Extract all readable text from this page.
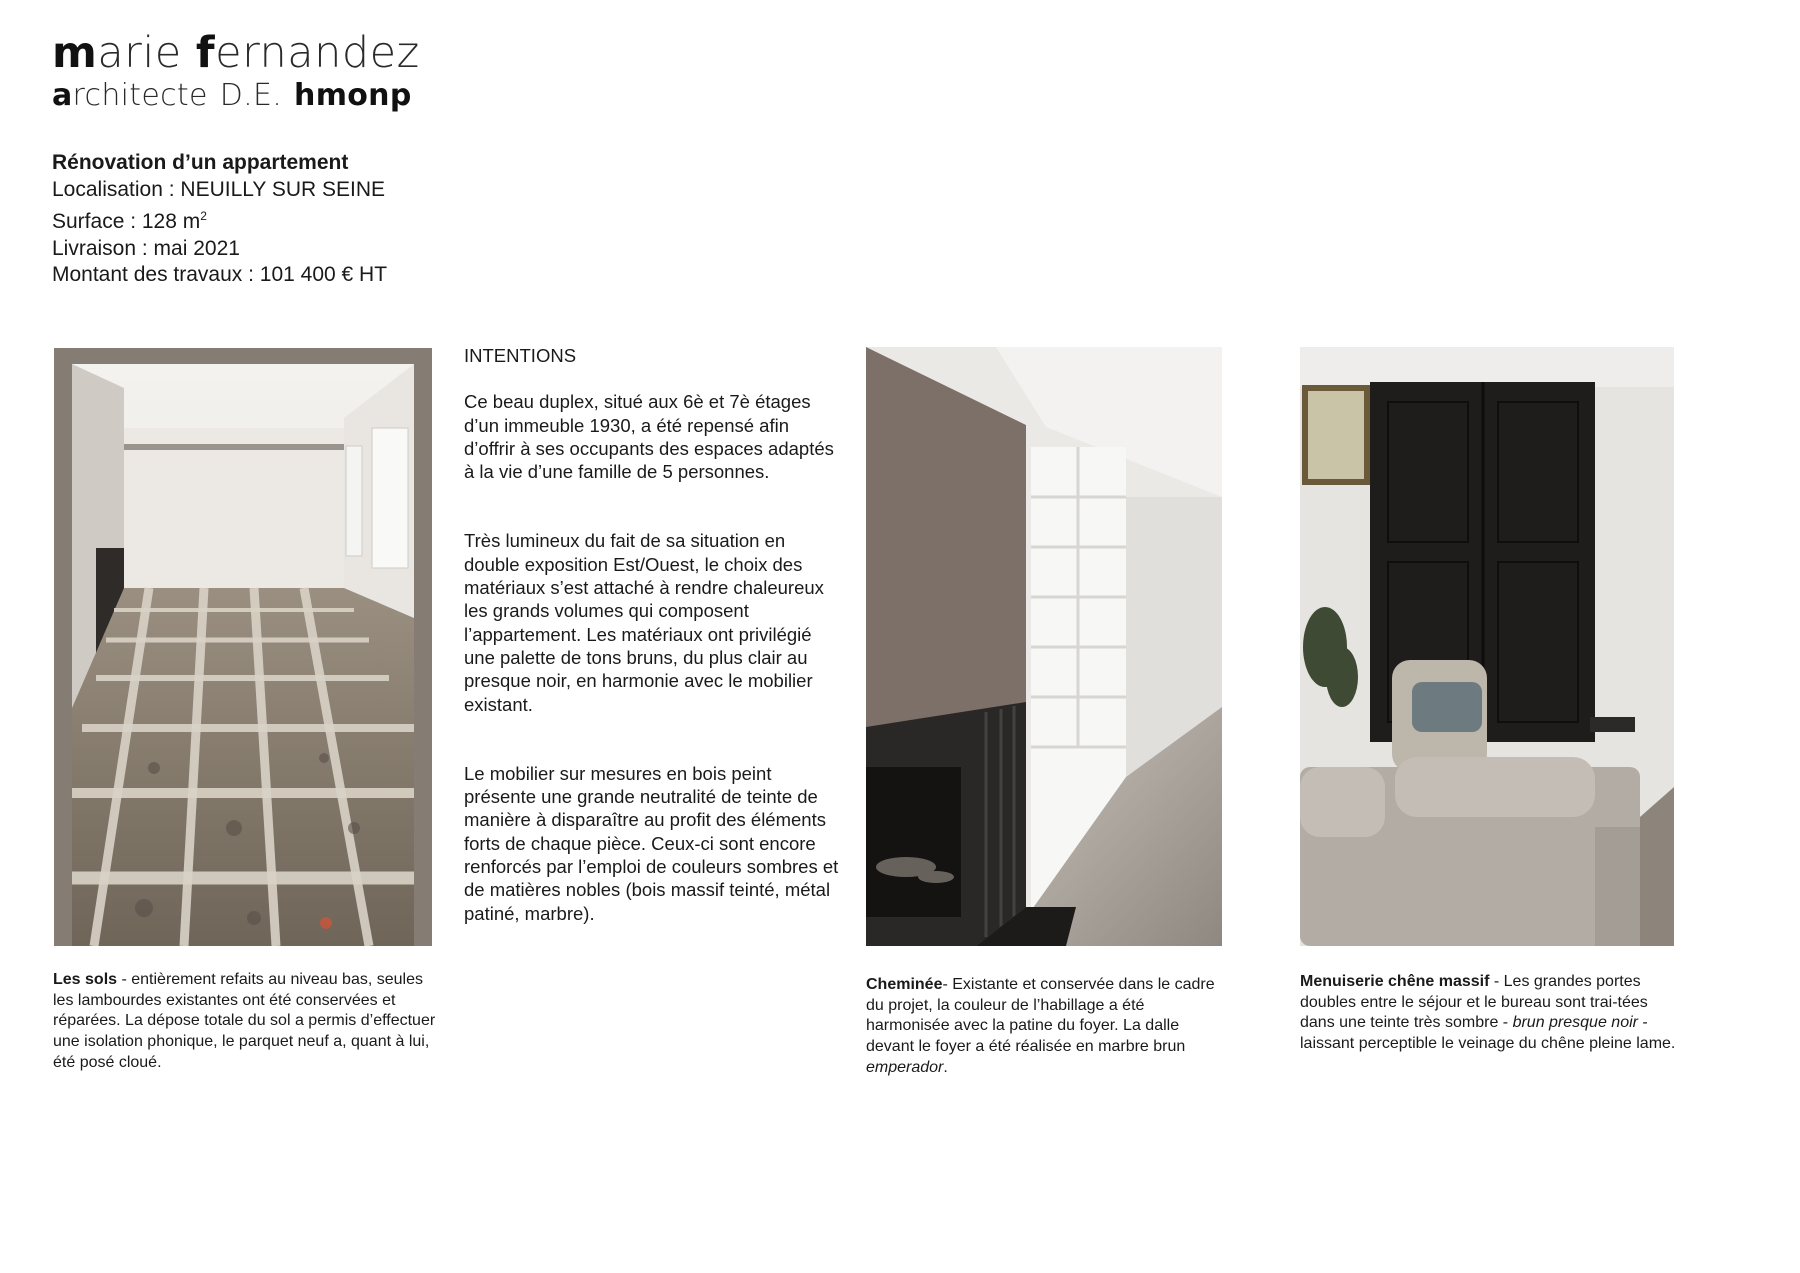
marie fernandez
architecte D.E. hmonp
Rénovation d’un appartement
Localisation : NEUILLY SUR SEINE
Surface : 128 $m^2$
Livraison : mai 2021
Montant des travaux : 101 400 € HT
INTENTIONS

Ce beau duplex, situé aux 6è et 7è étages d’un immeuble 1930, a été repensé afin d’offrir à ses occupants des espaces adaptés à la vie d’une famille de 5 personnes.

Très lumineux du fait de sa situation en double exposition Est/Ouest, le choix des matériaux s’est attaché à rendre chaleureux les grands volumes qui composent l’appartement. Les matériaux ont privilégié une palette de tons bruns, du plus clair au presque noir, en harmonie avec le mobilier existant.

Le mobilier sur mesures en bois peint présente une grande neutralité de teinte de manière à disparaître au profit des éléments forts de chaque pièce. Ceux-ci sont encore renforcés par l’emploi de couleurs sombres et de matières nobles (bois massif teinté, métal patiné, marbre).

Les sols - entièrement refaits au niveau bas, seules les lambourdes existantes ont été conservées et réparées. La dépose totale du sol a permis d’effectuer une isolation phonique, le parquet neuf a, quant à lui, été posé cloué.
Cheminée- Existante et conservée dans le cadre du projet, la couleur de l’habillage a été harmonisée avec la patine du foyer. La dalle devant le foyer a été réalisée en marbre brun emperador.
Menuiserie chêne massif - Les grandes portes doubles entre le séjour et le bureau sont trai-tées dans une teinte très sombre - brun presque noir - laissant perceptible le veinage du chêne pleine lame.
